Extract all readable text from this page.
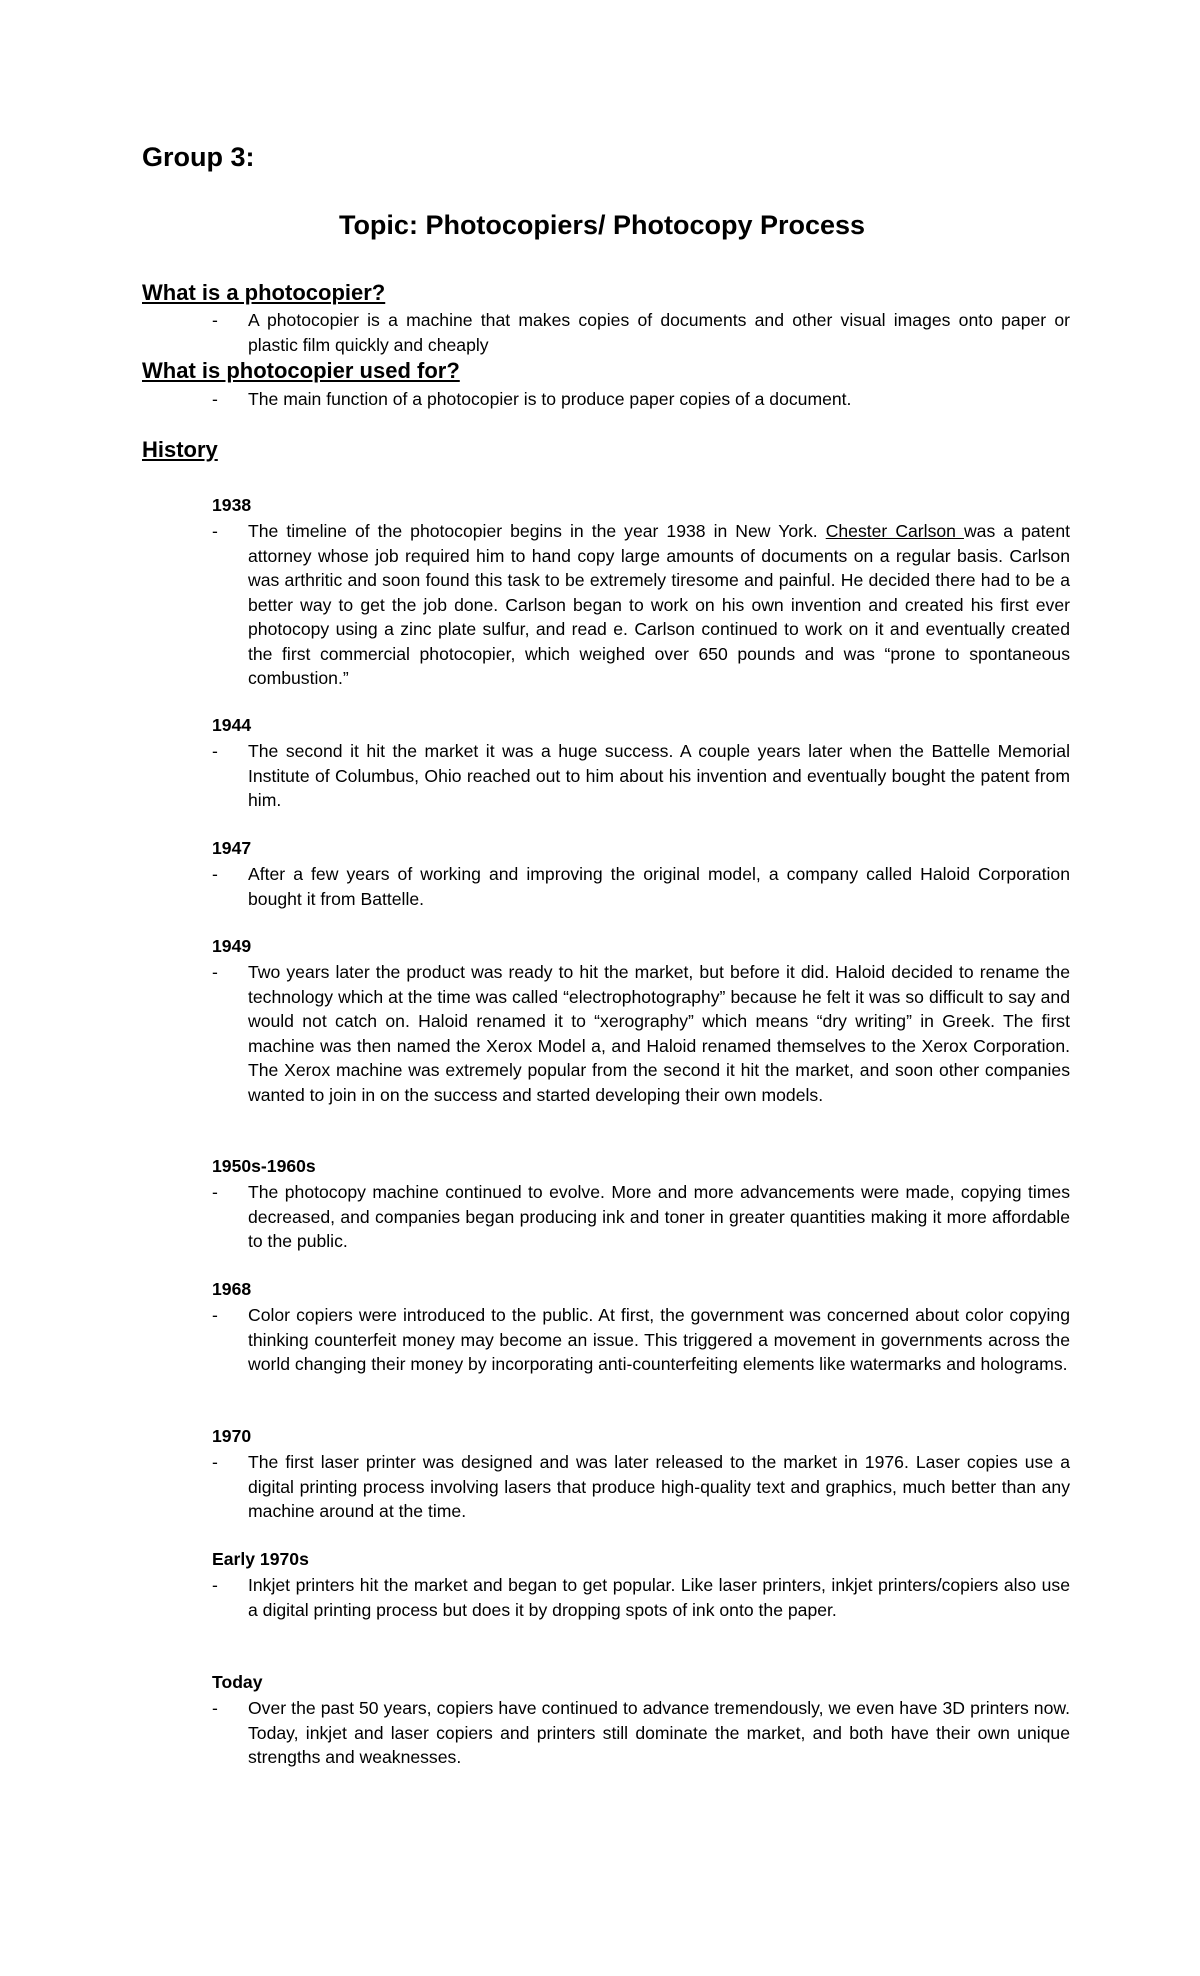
Group 3:
Topic: Photocopiers/ Photocopy Process
What is a photocopier?
- A photocopier is a machine that makes copies of documents and other visual images onto paper or plastic film quickly and cheaply
What is photocopier used for?
- The main function of a photocopier is to produce paper copies of a document.
History
1938
- The timeline of the photocopier begins in the year 1938 in New York. Chester Carlson was a patent attorney whose job required him to hand copy large amounts of documents on a regular basis. Carlson was arthritic and soon found this task to be extremely tiresome and painful. He decided there had to be a better way to get the job done. Carlson began to work on his own invention and created his first ever photocopy using a zinc plate sulfur, and read e. Carlson continued to work on it and eventually created the first commercial photocopier, which weighed over 650 pounds and was “prone to spontaneous combustion.”
1944
- The second it hit the market it was a huge success. A couple years later when the Battelle Memorial Institute of Columbus, Ohio reached out to him about his invention and eventually bought the patent from him.
1947
- After a few years of working and improving the original model, a company called Haloid Corporation bought it from Battelle.
1949
- Two years later the product was ready to hit the market, but before it did. Haloid decided to rename the technology which at the time was called “electrophotography” because he felt it was so difficult to say and would not catch on. Haloid renamed it to “xerography” which means “dry writing” in Greek. The first machine was then named the Xerox Model a, and Haloid renamed themselves to the Xerox Corporation. The Xerox machine was extremely popular from the second it hit the market, and soon other companies wanted to join in on the success and started developing their own models.
1950s-1960s
- The photocopy machine continued to evolve. More and more advancements were made, copying times decreased, and companies began producing ink and toner in greater quantities making it more affordable to the public.
1968
- Color copiers were introduced to the public. At first, the government was concerned about color copying thinking counterfeit money may become an issue. This triggered a movement in governments across the world changing their money by incorporating anti-counterfeiting elements like watermarks and holograms.
1970
- The first laser printer was designed and was later released to the market in 1976. Laser copies use a digital printing process involving lasers that produce high-quality text and graphics, much better than any machine around at the time.
Early 1970s
- Inkjet printers hit the market and began to get popular. Like laser printers, inkjet printers/copiers also use a digital printing process but does it by dropping spots of ink onto the paper.
Today
- Over the past 50 years, copiers have continued to advance tremendously, we even have 3D printers now. Today, inkjet and laser copiers and printers still dominate the market, and both have their own unique strengths and weaknesses.
